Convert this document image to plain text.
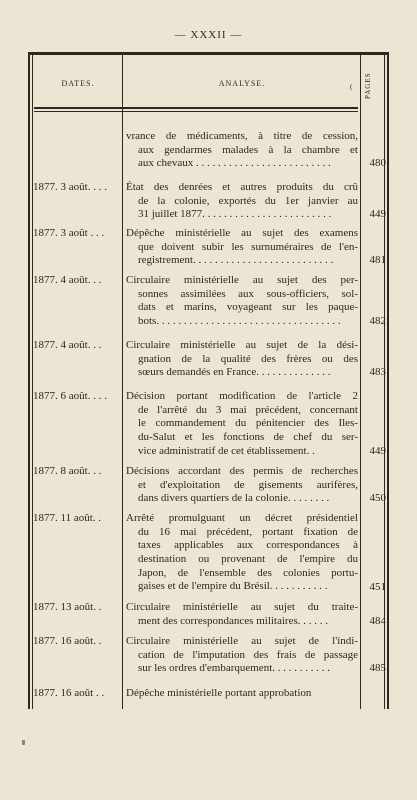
— XXXII —
DATES.	ANALYSE.	( PAGES
vrance de médicaments, à titre de cession,
aux gendarmes malades à la chambre et
aux chevaux . . . . . . . . . . . . . . . . . . . . . . . . .	480
1877. 3 août. . . .	État des denrées et autres produits du crû
de la colonie, exportés du 1er janvier au
31 juillet 1877. . . . . . . . . . . . . . . . . . . . . . . .	449
1877. 3 août . . .	Dépêche ministérielle au sujet des examens
que doivent subir les surnuméraires de l'en-
registrement. . . . . . . . . . . . . . . . . . . . . . . . . .	481
1877. 4 août. . .	Circulaire ministérielle au sujet des per-
sonnes assimilées aux sous-officiers, sol-
dats et marins, voyageant sur les paque-
bots. . . . . . . . . . . . . . . . . . . . . . . . . . . . . . . . . .	482
1877. 4 août. . .	Circulaire ministérielle au sujet de la dési-
gnation de la qualité des frères ou des
sœurs demandés en France. . . . . . . . . . . . . .	483
1877. 6 août. . . .	Décision portant modification de l'article 2
de l'arrêté du 3 mai précédent, concernant
le commandement du pénitencier des Iles-
du-Salut et les fonctions de chef du ser-
vice administratif de cet établissement. .	449
1877. 8 août. . .	Décisions accordant des permis de recherches
et d'exploitation de gisements aurifères,
dans divers quartiers de la colonie. . . . . . . .	450
1877. 11 août. .	Arrêté promulguant un décret présidentiel
du 16 mai précédent, portant fixation de
taxes applicables aux correspondances à
destination ou provenant de l'empire du
Japon, de l'ensemble des colonies portu-
gaises et de l'empire du Brésil. . . . . . . . . . .	451
1877. 13 août. .	Circulaire ministérielle au sujet du traite-
ment des correspondances militaires. . . . . .	484
1877. 16 août. .	Circulaire ministérielle au sujet de l'indi-
cation de l'imputation des frais de passage
sur les ordres d'embarquement. . . . . . . . . . .	485
1877. 16 août . .	Dépêche ministérielle portant approbation
